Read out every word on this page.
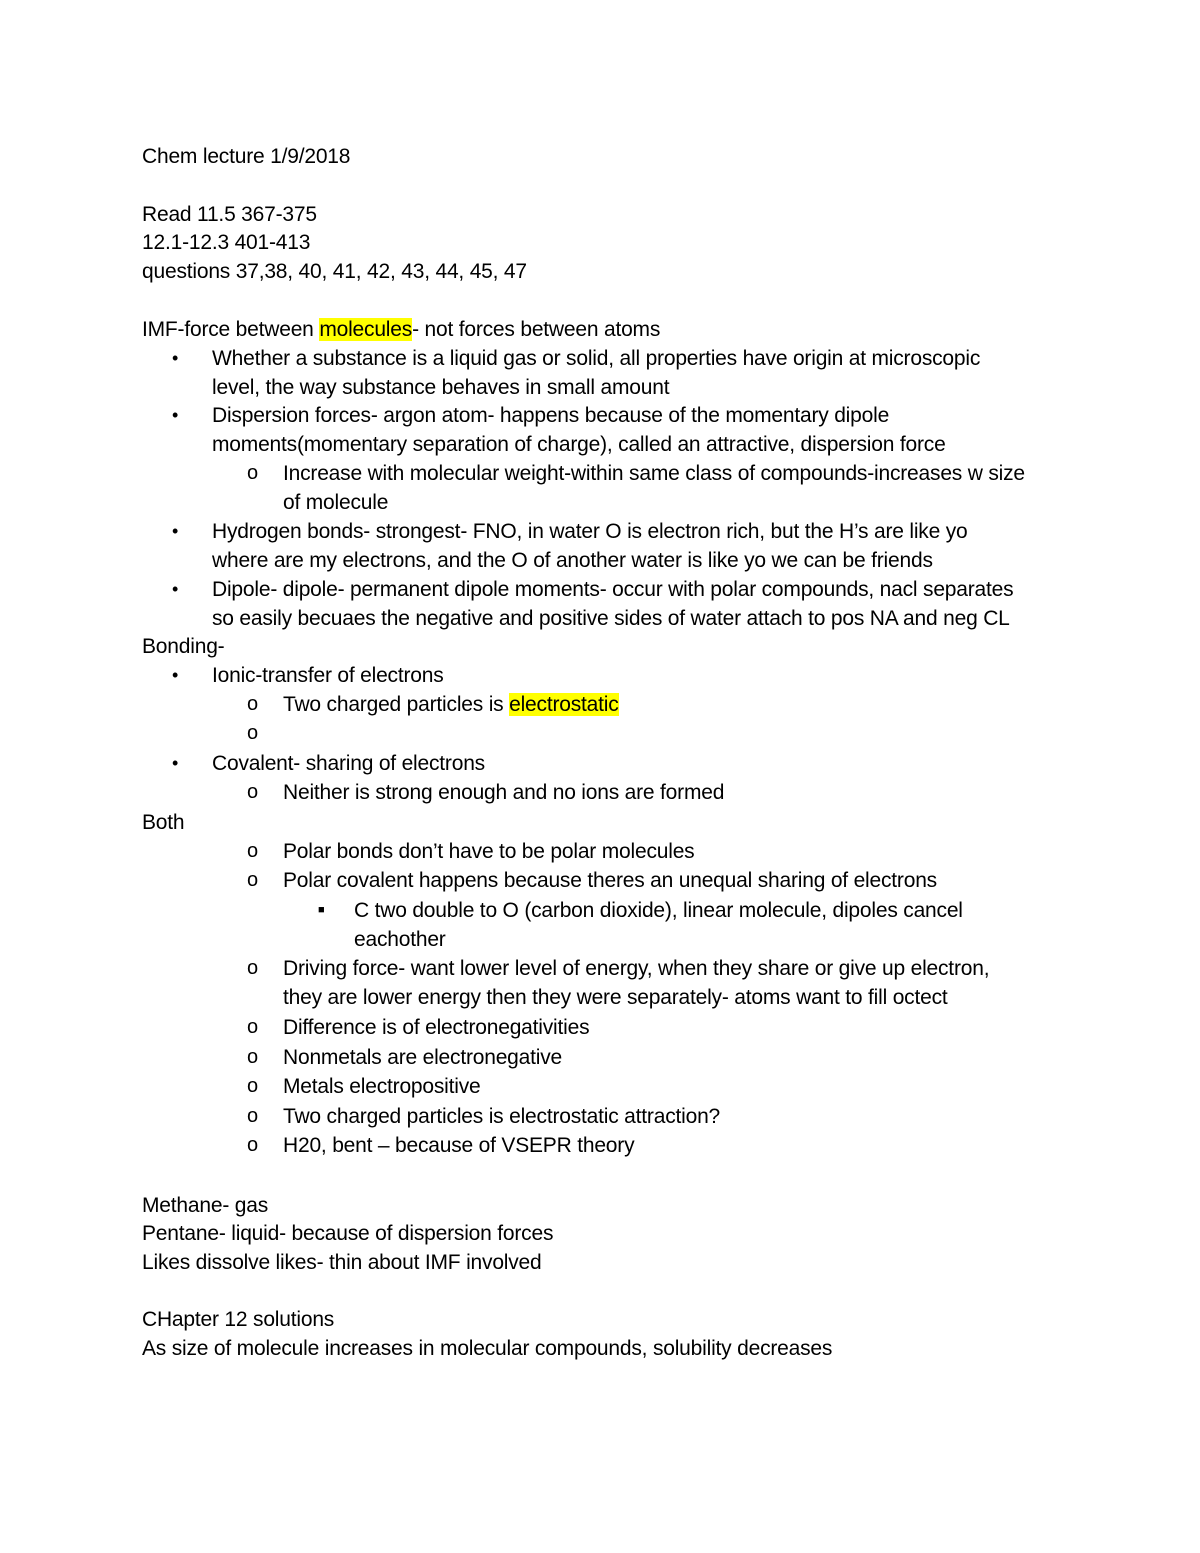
Chem lecture 1/9/2018
Read 11.5 367-375
12.1-12.3 401-413
questions 37,38, 40, 41, 42, 43, 44, 45, 47
IMF-force between molecules- not forces between atoms
• Whether a substance is a liquid gas or solid, all properties have origin at microscopic
level, the way substance behaves in small amount
• Dispersion forces- argon atom- happens because of the momentary dipole
moments(momentary separation of charge), called an attractive, dispersion force
o Increase with molecular weight-within same class of compounds-increases w size
of molecule
• Hydrogen bonds- strongest- FNO, in water O is electron rich, but the H’s are like yo
where are my electrons, and the O of another water is like yo we can be friends
• Dipole- dipole- permanent dipole moments- occur with polar compounds, nacl separates
so easily becuaes the negative and positive sides of water attach to pos NA and neg CL
Bonding-
• Ionic-transfer of electrons
o Two charged particles is electrostatic
o
• Covalent- sharing of electrons
o Neither is strong enough and no ions are formed
Both
o Polar bonds don’t have to be polar molecules
o Polar covalent happens because theres an unequal sharing of electrons
■ C two double to O (carbon dioxide), linear molecule, dipoles cancel
eachother
o Driving force- want lower level of energy, when they share or give up electron,
they are lower energy then they were separately- atoms want to fill octect
o Difference is of electronegativities
o Nonmetals are electronegative
o Metals electropositive
o Two charged particles is electrostatic attraction?
o H20, bent – because of VSEPR theory
Methane- gas
Pentane- liquid- because of dispersion forces
Likes dissolve likes- thin about IMF involved
CHapter 12 solutions
As size of molecule increases in molecular compounds, solubility decreases
